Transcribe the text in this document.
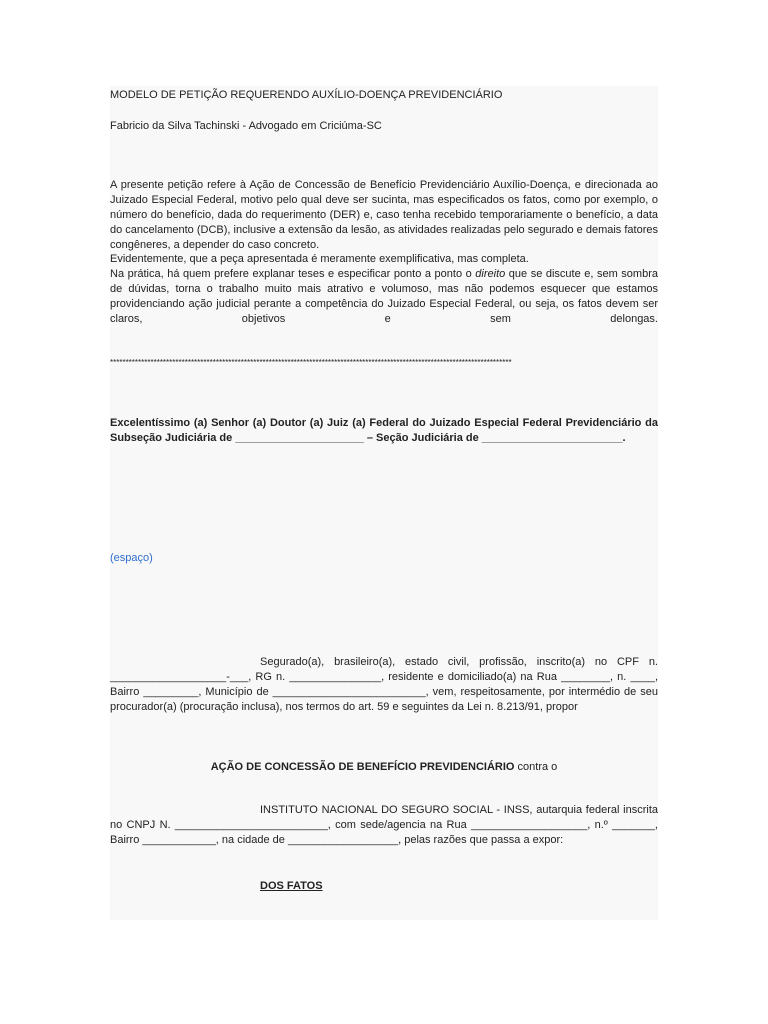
MODELO DE PETIÇÃO REQUERENDO AUXÍLIO-DOENÇA PREVIDENCIÁRIO
Fabricio da Silva Tachinski - Advogado em Criciúma-SC
A presente petição refere à Ação de Concessão de Benefício Previdenciário Auxílio-Doença, e direcionada ao Juizado Especial Federal, motivo pelo qual deve ser sucinta, mas especificados os fatos, como por exemplo, o número do benefício, dada do requerimento (DER) e, caso tenha recebido temporariamente o benefício, a data do cancelamento (DCB), inclusive a extensão da lesão, as atividades realizadas pelo segurado e demais fatores congêneres, a depender do caso concreto.
Evidentemente, que a peça apresentada é meramente exemplificativa, mas completa.
Na prática, há quem prefere explanar teses e especificar ponto a ponto o direito que se discute e, sem sombra de dúvidas, torna o trabalho muito mais atrativo e volumoso, mas não podemos esquecer que estamos providenciando ação judicial perante a competência do Juizado Especial Federal, ou seja, os fatos devem ser claros, objetivos e sem delongas.
*********************************************************************************************************************************
Excelentíssimo (a) Senhor (a) Doutor (a) Juiz (a) Federal do Juizado Especial Federal Previdenciário da Subseção Judiciária de _____________________ – Seção Judiciária de _______________________.
(espaço)
Segurado(a), brasileiro(a), estado civil, profissão, inscrito(a) no CPF n. ___________________-___, RG n. _______________, residente e domiciliado(a) na Rua ________, n. ____, Bairro _________, Município de _________________________, vem, respeitosamente, por intermédio de seu procurador(a) (procuração inclusa), nos termos do art. 59 e seguintes da Lei n. 8.213/91, propor
AÇÃO DE CONCESSÃO DE BENEFÍCIO PREVIDENCIÁRIO contra o
INSTITUTO NACIONAL DO SEGURO SOCIAL - INSS, autarquia federal inscrita no CNPJ N. _________________________, com sede/agencia na Rua ___________________, n.º _______, Bairro ____________, na cidade de __________________, pelas razões que passa a expor:
DOS FATOS
